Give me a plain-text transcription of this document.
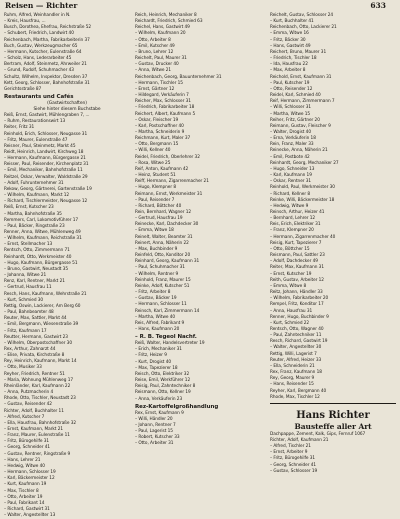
Reisen — Richter	633
Ruhm, Alfred, Weinhandler in N.
– Kreis, Hausfrau, ...
Busch, Dorothea, Ehefrau, Reichstraße 52
– Schubert, Friedrich, Landwirt 40
Reichenbach, Martha, Fabrikarbeiterin 37
Buch, Gustav, Werkzeugmacher 65
– Hermann, Kutscher, Eulenstraße 64
– Scholz, Hans, Lederarbeiter 45
Bertram, Adolf, Steinmetz, Ahrweiler 21
– Grund, Rudolf, Schuhmacher 43
Schultz, Wilhelm, Inspektor, Dresden 37
Kett, Georg, Schlosser, Bahnhofstraße 31
Gerichtsstraße 87
Restaurants und Cafés
(Gastwirtschaften)
Siehe hinter diesem Buchstabe
Reiß, Ernst, Gastwirt, Mühlengraben 7, ...
– Ruhm, Restaurationswirt 13
Reiter, Fritz 31
Reinhold, Erich, Schlosser, Neugasse 31
– Fritz, Maurer, Eulenstraße 47
Reisner, Paul, Steinmetz, Markt 45
Reidt, Heinrich, Landwirt, Kirchweg 18
– Hermann, Kaufmann, Bürgergasse 21
Reisser, Paul, Reisender, Kirchenplatz 31
– Emil, Mechaniker, Bahnhofstraße 11
Reitzel, Oskar, Verwalter, Waldstraße 29
– Adolf, Fuhrunternehmer 31
Rekow, Georg, Gärtnerei, Gartenstraße 19
– Wilhelm, Kaufmann, Markt 12
– Richard, Tischlermeister, Neugasse 12
Reiß, Ernst, Kutscher 23
– Martha, Bahnhofstraße 35
Remmers, Carl, Lokomotivführer 17
– Paul, Bäcker, Ringstraße 23
Renner, Anna, Witwe, Mühlenweg 49
– Wilhelm, Kaufmann, Reichstraße 31
– Ernst, Stellmacher 13
Rentsch, Otto, Zimmermann 71
Reinhardt, Otto, Werkmeister 40
– Hugo, Kaufmann, Bürgergasse 51
– Bruno, Gastwirt, Neustadt 35
– Johanna, Witwe 21
Renz, Karl, Rentner, Markt 21
– Gertrud, Hausfrau 11
Resch, Hans, Kaufmann, Wehrstraße 21
– Kurt, Schmied 30
Rettig, Oswin, Lackierer, Am Berg 60
– Paul, Bahnbeamter 48
Reuter, Max, Sattler, Markt 44
– Emil, Bergmann, Wiesenstraße 39
– Fritz, Kaufmann 17
Reutter, Hermann, Gastwirt 23
– Wilhelm, Oberpostschaffner 30
Rex, Arthur, Zahnarzt 44
– Elise, Privata, Kirchstraße 8
Rey, Heinrich, Kaufmann, Markt 14
– Otto, Musiker 33
Reyher, Friedrich, Rentner 51
– Maria, Wohnung Mühlenweg 17
Rheinländer, Karl, Kaufmann 22
– Anna, Putzmacherin 4
Rhode, Otto, Tischler, Neustadt 23
– Gustav, Reisender 42
Richter, Adolf, Buchhalter 11
– Alfred, Kutscher 7
– Ella, Hausfrau, Bahnhofstraße 32
– Ernst, Kaufmann, Markt 21
– Franz, Maurer, Eulenstraße 11
– Fritz, Bürogehilfe 31
– Georg, Schneider 41
– Gustav, Rentner, Ringstraße 9
– Hans, Lehrer 21
– Hedwig, Witwe 40
– Hermann, Schlosser 19
– Karl, Bäckermeister 12
– Kurt, Kaufmann 19
– Max, Tischler 8
– Otto, Arbeiter 19
– Paul, Fabrikant 14
– Richard, Gastwirt 31
– Walter, Angestellter 13
Reich, Heinrich, Mechaniker 8
Reichardt, Friedrich, Schmied 63
Reichel, Hans, Gastwirt 49
– Wilhelm, Kaufmann 20
– Otto, Arbeiter 8
– Emil, Kutscher 49
– Bruno, Lehrer 12
Reichelt, Paul, Maurer 31
– Gustav, Drucker 40
– Anna, Witwe 21
Reichenbach, Georg, Bauunternehmer 31
– Hermann, Tischler 15
– Ernst, Gärtner 12
– Hildegard, Verkäuferin 7
Reicher, Max, Schlosser 31
– Friedrich, Fabrikarbeiter 18
Reichert, Albert, Kaufmann 5
– Oskar, Fleischer 19
– Karl, Postschaffner 40
– Martha, Schneiderin 9
Reichmann, Kurt, Maler 37
– Otto, Bergmann 15
– Willi, Kellner 40
Reidel, Friedrich, Oberlehrer 32
– Rosa, Witwe 25
Reif, Anton, Kaufmann 42
– Heinz, Student 51
Reiff, Hermann, Zigarrenmacher 21
– Hugo, Klempner 8
Reimann, Ernst, Werkmeister 31
– Paul, Reisender 7
– Richard, Böttcher 40
Rein, Bernhard, Wagner 12
– Gertrud, Hausfrau 19
Reinecke, Karl, Dachdecker 30
– Emma, Witwe 18
Reinelt, Walter, Beamter 31
Reinert, Anna, Näherin 22
– Max, Buchbinder 9
Reinfeld, Otto, Konditor 20
Reinhard, Georg, Kaufmann 31
– Paul, Schuhmacher 31
– Wilhelm, Rentner 9
Reinhold, Franz, Maurer 15
Reinke, Adolf, Kutscher 51
– Fritz, Arbeiter 8
– Gustav, Bäcker 19
– Hermann, Schlosser 11
Reinsch, Karl, Zimmermann 14
– Martha, Witwe 40
Reis, Alfred, Fabrikant 9
– Hans, Kaufmann 20
– R. B. Tegeol Nachf.
Reiß, Walter, Handelsvertreter 19
– Erich, Mechaniker 31
– Fritz, Heizer 9
– Kurt, Drogist 40
– Max, Tapezierer 18
Reisch, Otto, Elektriker 32
Reise, Emil, Werkführer 12
Reisig, Paul, Zahntechniker 8
Reismann, Otto, Kellner 19
– Anna, Verkäuferin 23
Rez-Kartoffelgroßhandlung
Rex, Ernst, Kaufmann 9
– Willi, Händler 20
– Johann, Rentner 7
– Paul, Lagerist 15
– Robert, Kutscher 33
– Otto, Arbeiter 31
Reichelt, Gustav, Schlosser 24
– Kurt, Buchhalter 41
Reichenbach, Otto, Lackierer 21
– Emma, Witwe 16
– Fritz, Bäcker 30
– Hans, Gastwirt 49
Reichert, Bruno, Maurer 31
– Friedrich, Tischler 18
– Ida, Hausfrau 22
– Max, Arbeiter 8
Reichold, Ernst, Kaufmann 31
– Paul, Kutscher 19
– Otto, Reisender 12
Reidel, Karl, Schmied 40
Reif, Hermann, Zimmermann 7
– Willi, Schlosser 31
– Martha, Witwe 15
Reiher, Fritz, Gärtner 20
Reimann, Gustav, Fleischer 9
– Walter, Drogist 40
– Erna, Verkäuferin 18
Rein, Franz, Maler 33
Reinecke, Anna, Näherin 21
– Emil, Postbote 42
Reinhardt, Georg, Mechaniker 27
– Hugo, Schneider 13
– Karl, Kaufmann 19
– Oskar, Rentner 31
Reinhold, Paul, Werkmeister 30
– Richard, Kellner 8
Reinke, Willi, Bäckermeister 18
– Hedwig, Witwe 9
Reinsch, Arthur, Heizer 41
– Bernhard, Lehrer 12
Reis, Erich, Elektriker 31
– Franz, Klempner 20
– Hermann, Zigarrenmacher 40
Reisig, Kurt, Tapezierer 7
– Otto, Böttcher 15
Reismann, Paul, Sattler 23
– Adolf, Dachdecker 49
Reiter, Max, Kaufmann 31
– Ernst, Kutscher 19
Reith, Gustav, Arbeiter 12
– Emma, Witwe 8
Reitz, Johann, Händler 33
– Wilhelm, Fabrikarbeiter 20
Rempel, Fritz, Konditor 17
– Anna, Hausfrau 31
Renner, Hugo, Buchbinder 9
– Kurt, Schmied 22
Rentsch, Otto, Wagner 40
– Paul, Zahntechniker 11
Resch, Richard, Gastwirt 19
– Walter, Angestellter 30
Rettig, Willi, Lagerist 7
Reuter, Alfred, Heizer 33
– Ella, Schneiderin 21
Rex, Franz, Kaufmann 18
Rey, Georg, Maurer 9
– Hans, Reisender 15
Reyher, Karl, Bergmann 40
Rhode, Max, Tischler 12
Hans Richter
Bausteffe aller Art
Dachpappe, Zement, Kalk, Gips, Fernruf 1067
Richter, Adolf, Kaufmann 21
– Alfred, Tischler 21
– Ernst, Arbeiter 9
– Fritz, Bürogehilfe 31
– Georg, Schneider 41
– Gustav, Schlosser 19
